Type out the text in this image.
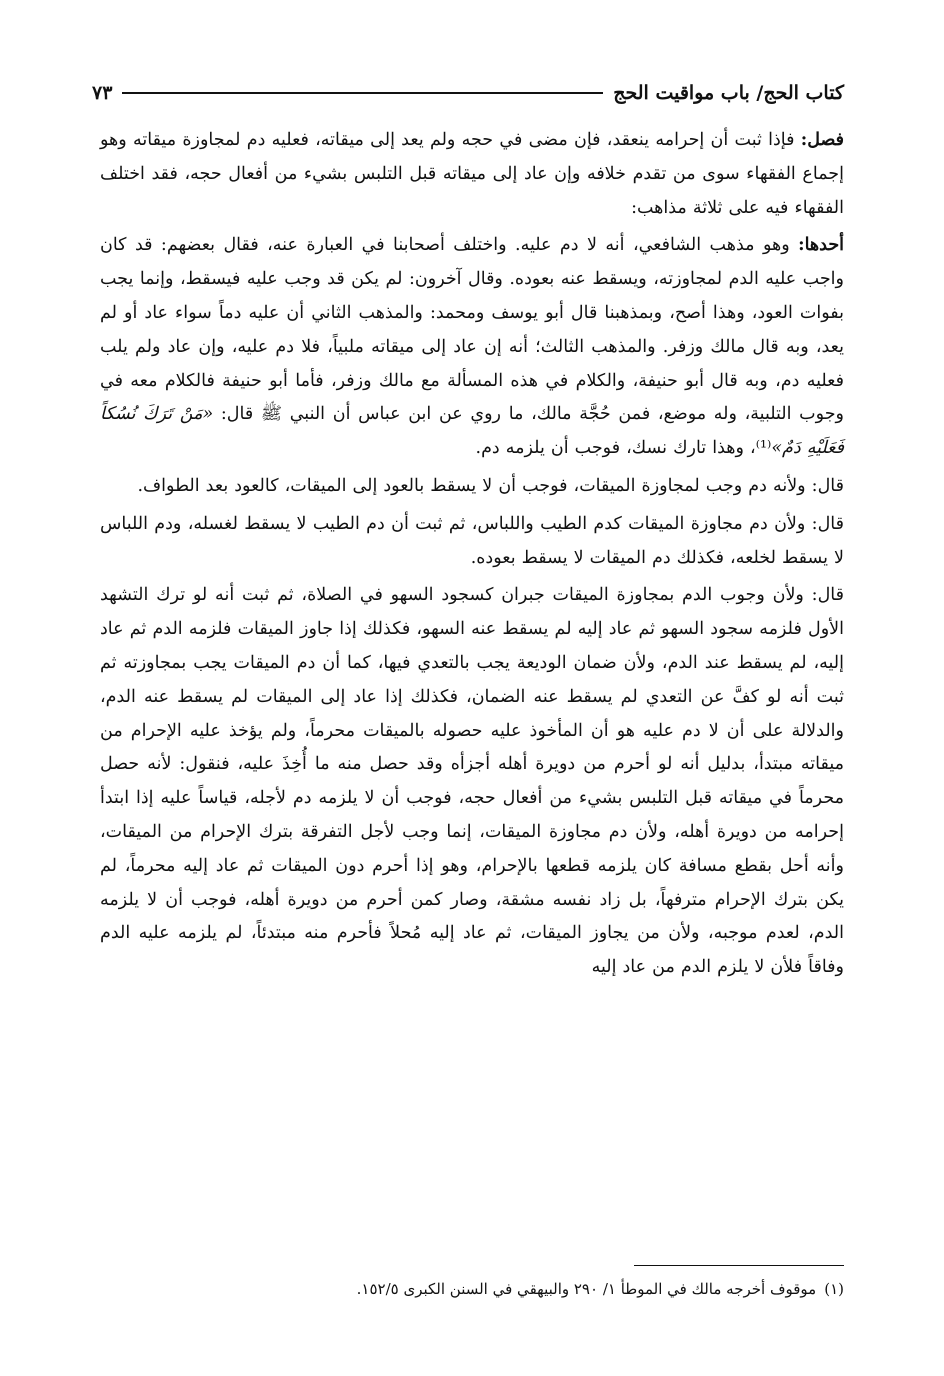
كتاب الحج/ باب مواقيت الحج
٧٣

فصل: فإذا ثبت أن إحرامه ينعقد، فإن مضى في حجه ولم يعد إلى ميقاته، فعليه دم لمجاوزة ميقاته وهو إجماع الفقهاء سوى من تقدم خلافه وإن عاد إلى ميقاته قبل التلبس بشيء من أفعال حجه، فقد اختلف الفقهاء فيه على ثلاثة مذاهب:

أحدها: وهو مذهب الشافعي، أنه لا دم عليه. واختلف أصحابنا في العبارة عنه، فقال بعضهم: قد كان واجب عليه الدم لمجاوزته، ويسقط عنه بعوده. وقال آخرون: لم يكن قد وجب عليه فيسقط، وإنما يجب بفوات العود، وهذا أصح، وبمذهبنا قال أبو يوسف ومحمد: والمذهب الثاني أن عليه دماً سواء عاد أو لم يعد، وبه قال مالك وزفر. والمذهب الثالث؛ أنه إن عاد إلى ميقاته ملبياً، فلا دم عليه، وإن عاد ولم يلب فعليه دم، وبه قال أبو حنيفة، والكلام في هذه المسألة مع مالك وزفر، فأما أبو حنيفة فالكلام معه في وجوب التلبية، وله موضع، فمن حُجَّة مالك، ما روي عن ابن عباس أن النبي ﷺ قال: «مَنْ تَرَكَ نُسُكاً فَعَلَيْهِ دَمٌ»⁽¹⁾، وهذا تارك نسك، فوجب أن يلزمه دم.

قال: ولأنه دم وجب لمجاوزة الميقات، فوجب أن لا يسقط بالعود إلى الميقات، كالعود بعد الطواف.

قال: ولأن دم مجاوزة الميقات كدم الطيب واللباس، ثم ثبت أن دم الطيب لا يسقط لغسله، ودم اللباس لا يسقط لخلعه، فكذلك دم الميقات لا يسقط بعوده.

قال: ولأن وجوب الدم بمجاوزة الميقات جبران كسجود السهو في الصلاة، ثم ثبت أنه لو ترك التشهد الأول فلزمه سجود السهو ثم عاد إليه لم يسقط عنه السهو، فكذلك إذا جاوز الميقات فلزمه الدم ثم عاد إليه، لم يسقط عند الدم، ولأن ضمان الوديعة يجب بالتعدي فيها، كما أن دم الميقات يجب بمجاوزته ثم ثبت أنه لو كفَّ عن التعدي لم يسقط عنه الضمان، فكذلك إذا عاد إلى الميقات لم يسقط عنه الدم، والدلالة على أن لا دم عليه هو أن المأخوذ عليه حصوله بالميقات محرماً، ولم يؤخذ عليه الإحرام من ميقاته مبتدأ، بدليل أنه لو أحرم من دويرة أهله أجزأه وقد حصل منه ما أُخِذَ عليه، فنقول: لأنه حصل محرماً في ميقاته قبل التلبس بشيء من أفعال حجه، فوجب أن لا يلزمه دم لأجله، قياساً عليه إذا ابتدأ إحرامه من دويرة أهله، ولأن دم مجاوزة الميقات، إنما وجب لأجل التفرقة بترك الإحرام من الميقات، وأنه أحل بقطع مسافة كان يلزمه قطعها بالإحرام، وهو إذا أحرم دون الميقات ثم عاد إليه محرماً، لم يكن بترك الإحرام مترفهاً، بل زاد نفسه مشقة، وصار كمن أحرم من دويرة أهله، فوجب أن لا يلزمه الدم، لعدم موجبه، ولأن من يجاوز الميقات، ثم عاد إليه مُحلاً فأحرم منه مبتدئاً، لم يلزمه عليه الدم وفاقاً فلأن لا يلزم الدم من عاد إليه

(١)موقوف أخرجه مالك في الموطأ ١/ ٢٩٠ والبيهقي في السنن الكبرى ١٥٢/٥.
